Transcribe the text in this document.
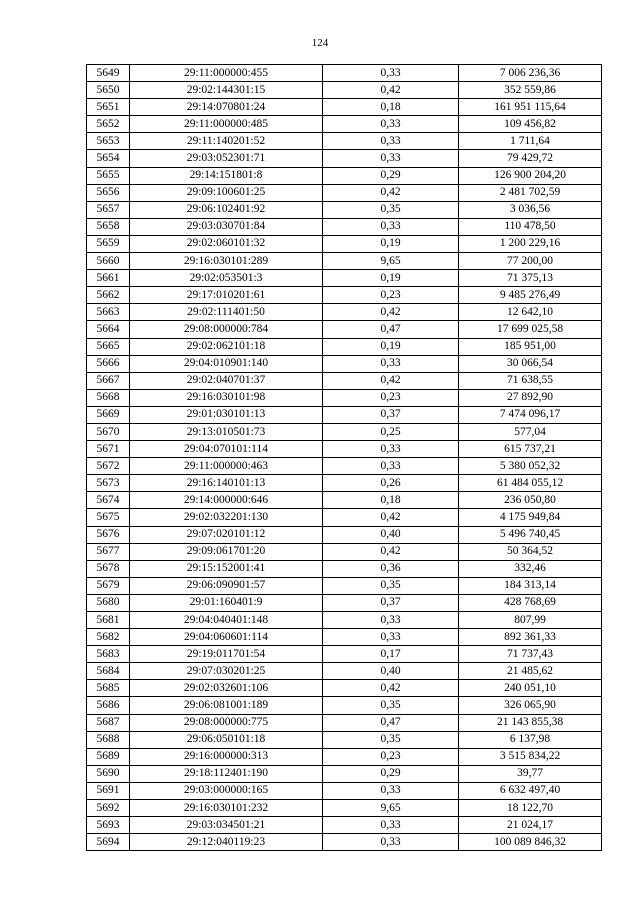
124
5649	29:11:000000:455	0,33	7 006 236,36
5650	29:02:144301:15	0,42	352 559,86
5651	29:14:070801:24	0,18	161 951 115,64
5652	29:11:000000:485	0,33	109 456,82
5653	29:11:140201:52	0,33	1 711,64
5654	29:03:052301:71	0,33	79 429,72
5655	29:14:151801:8	0,29	126 900 204,20
5656	29:09:100601:25	0,42	2 481 702,59
5657	29:06:102401:92	0,35	3 036,56
5658	29:03:030701:84	0,33	110 478,50
5659	29:02:060101:32	0,19	1 200 229,16
5660	29:16:030101:289	9,65	77 200,00
5661	29:02:053501:3	0,19	71 375,13
5662	29:17:010201:61	0,23	9 485 276,49
5663	29:02:111401:50	0,42	12 642,10
5664	29:08:000000:784	0,47	17 699 025,58
5665	29:02:062101:18	0,19	185 951,00
5666	29:04:010901:140	0,33	30 066,54
5667	29:02:040701:37	0,42	71 638,55
5668	29:16:030101:98	0,23	27 892,90
5669	29:01:030101:13	0,37	7 474 096,17
5670	29:13:010501:73	0,25	577,04
5671	29:04:070101:114	0,33	615 737,21
5672	29:11:000000:463	0,33	5 380 052,32
5673	29:16:140101:13	0,26	61 484 055,12
5674	29:14:000000:646	0,18	236 050,80
5675	29:02:032201:130	0,42	4 175 949,84
5676	29:07:020101:12	0,40	5 496 740,45
5677	29:09:061701:20	0,42	50 364,52
5678	29:15:152001:41	0,36	332,46
5679	29:06:090901:57	0,35	184 313,14
5680	29:01:160401:9	0,37	428 768,69
5681	29:04:040401:148	0,33	807,99
5682	29:04:060601:114	0,33	892 361,33
5683	29:19:011701:54	0,17	71 737,43
5684	29:07:030201:25	0,40	21 485,62
5685	29:02:032601:106	0,42	240 051,10
5686	29:06:081001:189	0,35	326 065,90
5687	29:08:000000:775	0,47	21 143 855,38
5688	29:06:050101:18	0,35	6 137,98
5689	29:16:000000:313	0,23	3 515 834,22
5690	29:18:112401:190	0,29	39,77
5691	29:03:000000:165	0,33	6 632 497,40
5692	29:16:030101:232	9,65	18 122,70
5693	29:03:034501:21	0,33	21 024,17
5694	29:12:040119:23	0,33	100 089 846,32
